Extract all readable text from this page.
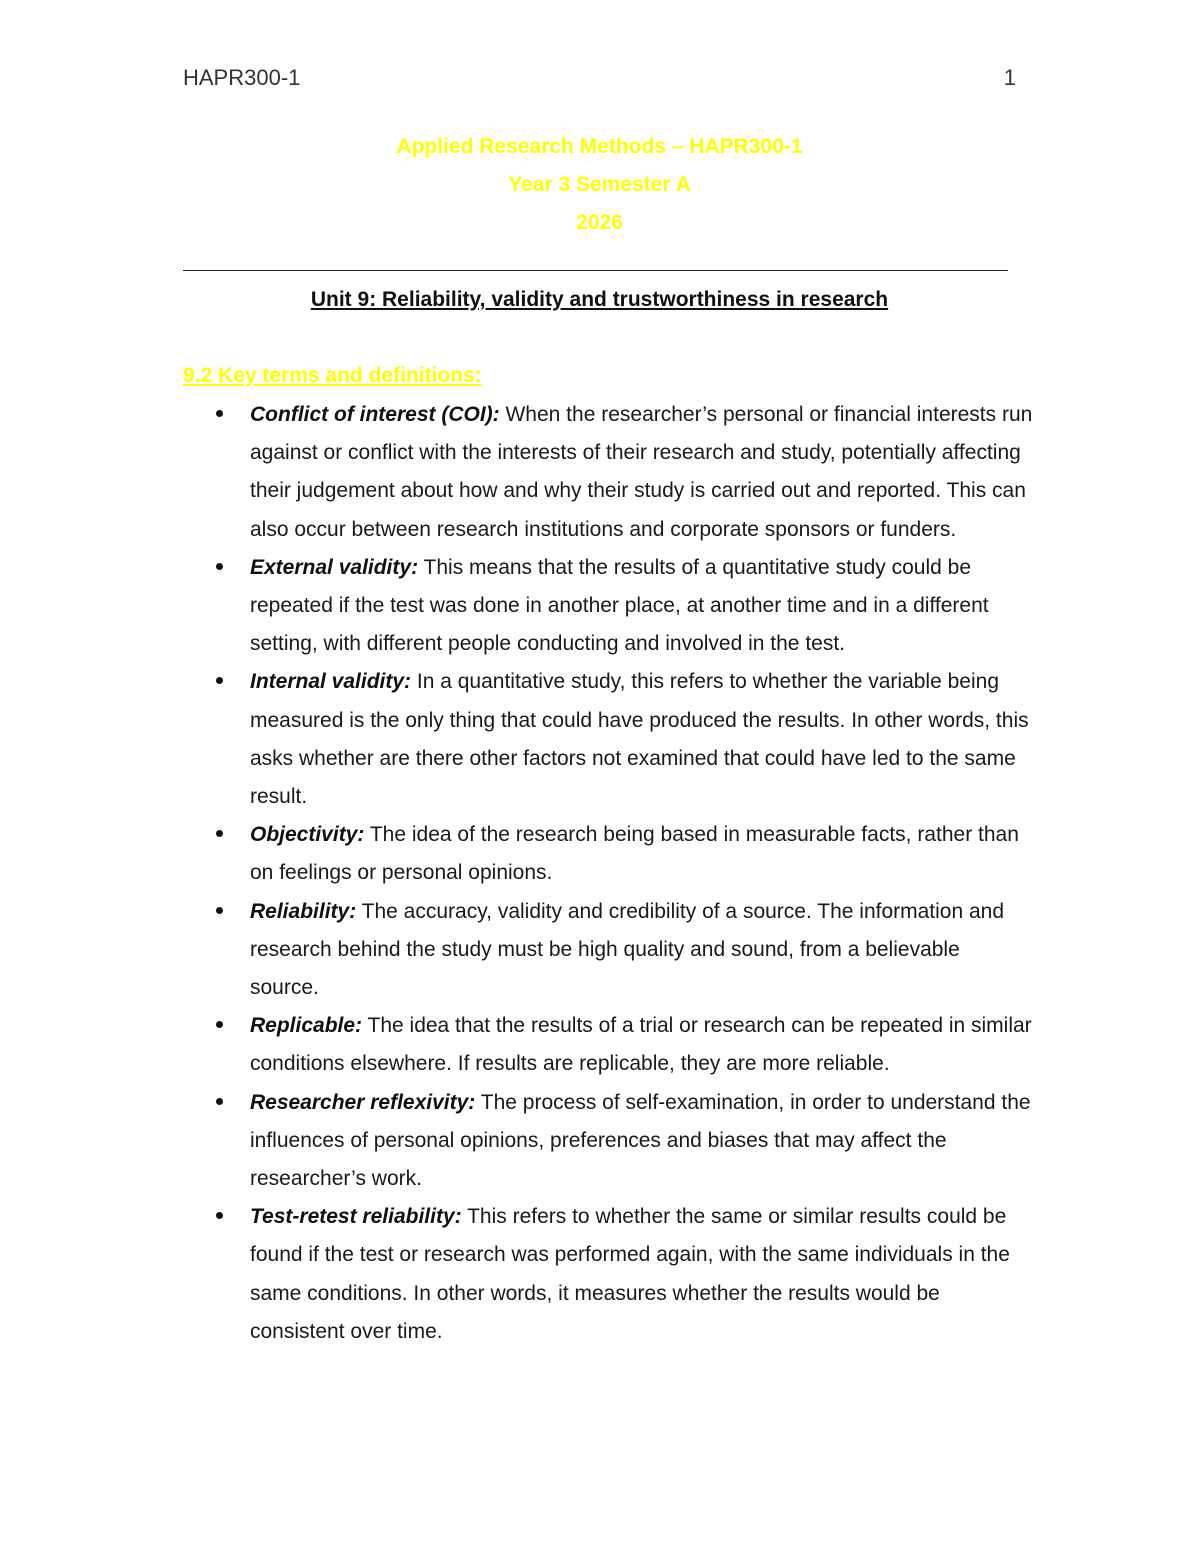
HAPR300-1	1
Applied Research Methods – HAPR300-1
Year 3 Semester A
2026
Unit 9: Reliability, validity and trustworthiness in research
9.2 Key terms and definitions:
Conflict of interest (COI): When the researcher’s personal or financial interests run against or conflict with the interests of their research and study, potentially affecting their judgement about how and why their study is carried out and reported. This can also occur between research institutions and corporate sponsors or funders.
External validity: This means that the results of a quantitative study could be repeated if the test was done in another place, at another time and in a different setting, with different people conducting and involved in the test.
Internal validity: In a quantitative study, this refers to whether the variable being measured is the only thing that could have produced the results. In other words, this asks whether are there other factors not examined that could have led to the same result.
Objectivity: The idea of the research being based in measurable facts, rather than on feelings or personal opinions.
Reliability: The accuracy, validity and credibility of a source. The information and research behind the study must be high quality and sound, from a believable source.
Replicable: The idea that the results of a trial or research can be repeated in similar conditions elsewhere. If results are replicable, they are more reliable.
Researcher reflexivity: The process of self-examination, in order to understand the influences of personal opinions, preferences and biases that may affect the researcher’s work.
Test-retest reliability: This refers to whether the same or similar results could be found if the test or research was performed again, with the same individuals in the same conditions. In other words, it measures whether the results would be consistent over time.
